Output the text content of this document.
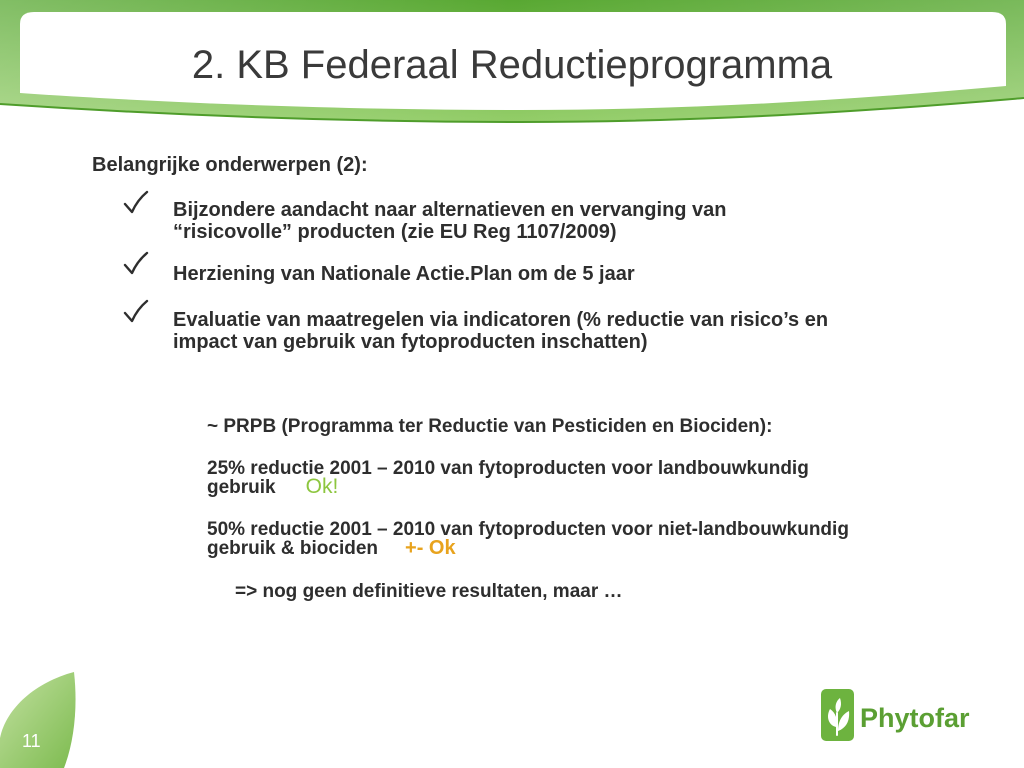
2. KB Federaal Reductieprogramma
Belangrijke onderwerpen (2):
Bijzondere aandacht naar alternatieven en vervanging van
“risicovolle” producten (zie EU Reg 1107/2009)
Herziening van Nationale Actie.Plan om de 5 jaar
Evaluatie van maatregelen via indicatoren (% reductie van risico’s en
impact van gebruik van fytoproducten inschatten)
~ PRPB (Programma ter Reductie van Pesticiden en Biociden):
25% reductie 2001 – 2010 van fytoproducten voor landbouwkundig
gebruik Ok!
50% reductie 2001 – 2010 van fytoproducten voor niet-landbouwkundig
gebruik & biociden +- Ok
=> nog geen definitieve resultaten, maar …
11
Phytofar
